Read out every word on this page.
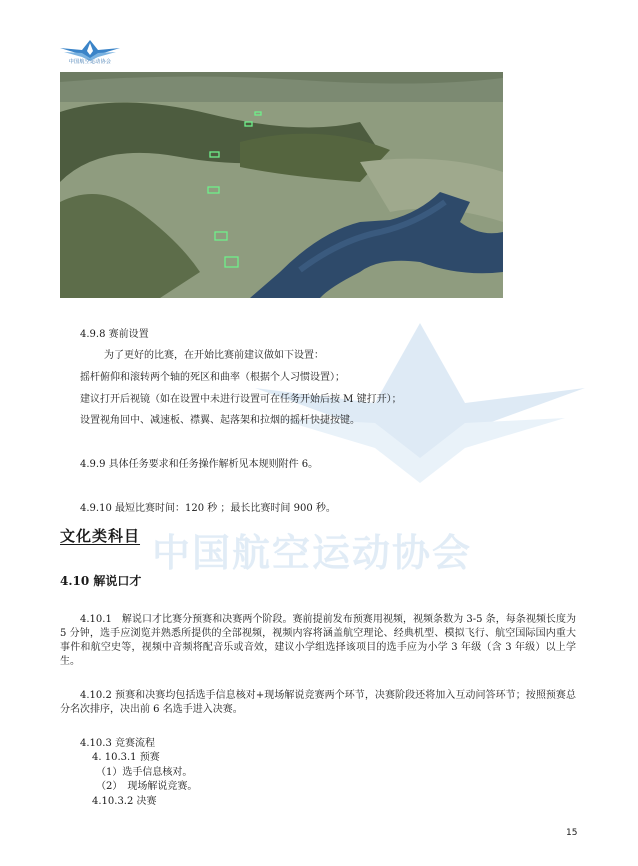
中国航空运动协会
中国航空运动协会
4.9.8 赛前设置
为了更好的比赛，在开始比赛前建议做如下设置：
摇杆俯仰和滚转两个轴的死区和曲率（根据个人习惯设置）；
建议打开后视镜（如在设置中未进行设置可在任务开始后按 M 键打开）；
设置视角回中、减速板、襟翼、起落架和拉烟的摇杆快捷按键。
4.9.9 具体任务要求和任务操作解析见本规则附件 6。
4.9.10 最短比赛时间：120 秒 ；最长比赛时间 900 秒。
文化类科目
4.10 解说口才
4.10.1　解说口才比赛分预赛和决赛两个阶段。赛前提前发布预赛用视频，视频条数为 3-5 条，每条视频长度为 5 分钟，选手应浏览并熟悉所提供的全部视频，视频内容将涵盖航空理论、经典机型、模拟飞行、航空国际国内重大事件和航空史等，视频中音频将配音乐或音效，建议小学组选择该项目的选手应为小学 3 年级（含 3 年级）以上学生。
4.10.2 预赛和决赛均包括选手信息核对+现场解说竞赛两个环节，决赛阶段还将加入互动问答环节；按照预赛总分名次排序，决出前 6 名选手进入决赛。
4.10.3 竞赛流程
4. 10.3.1 预赛
（1）选手信息核对。
（2）　现场解说竞赛。
4.10.3.2 决赛
15
